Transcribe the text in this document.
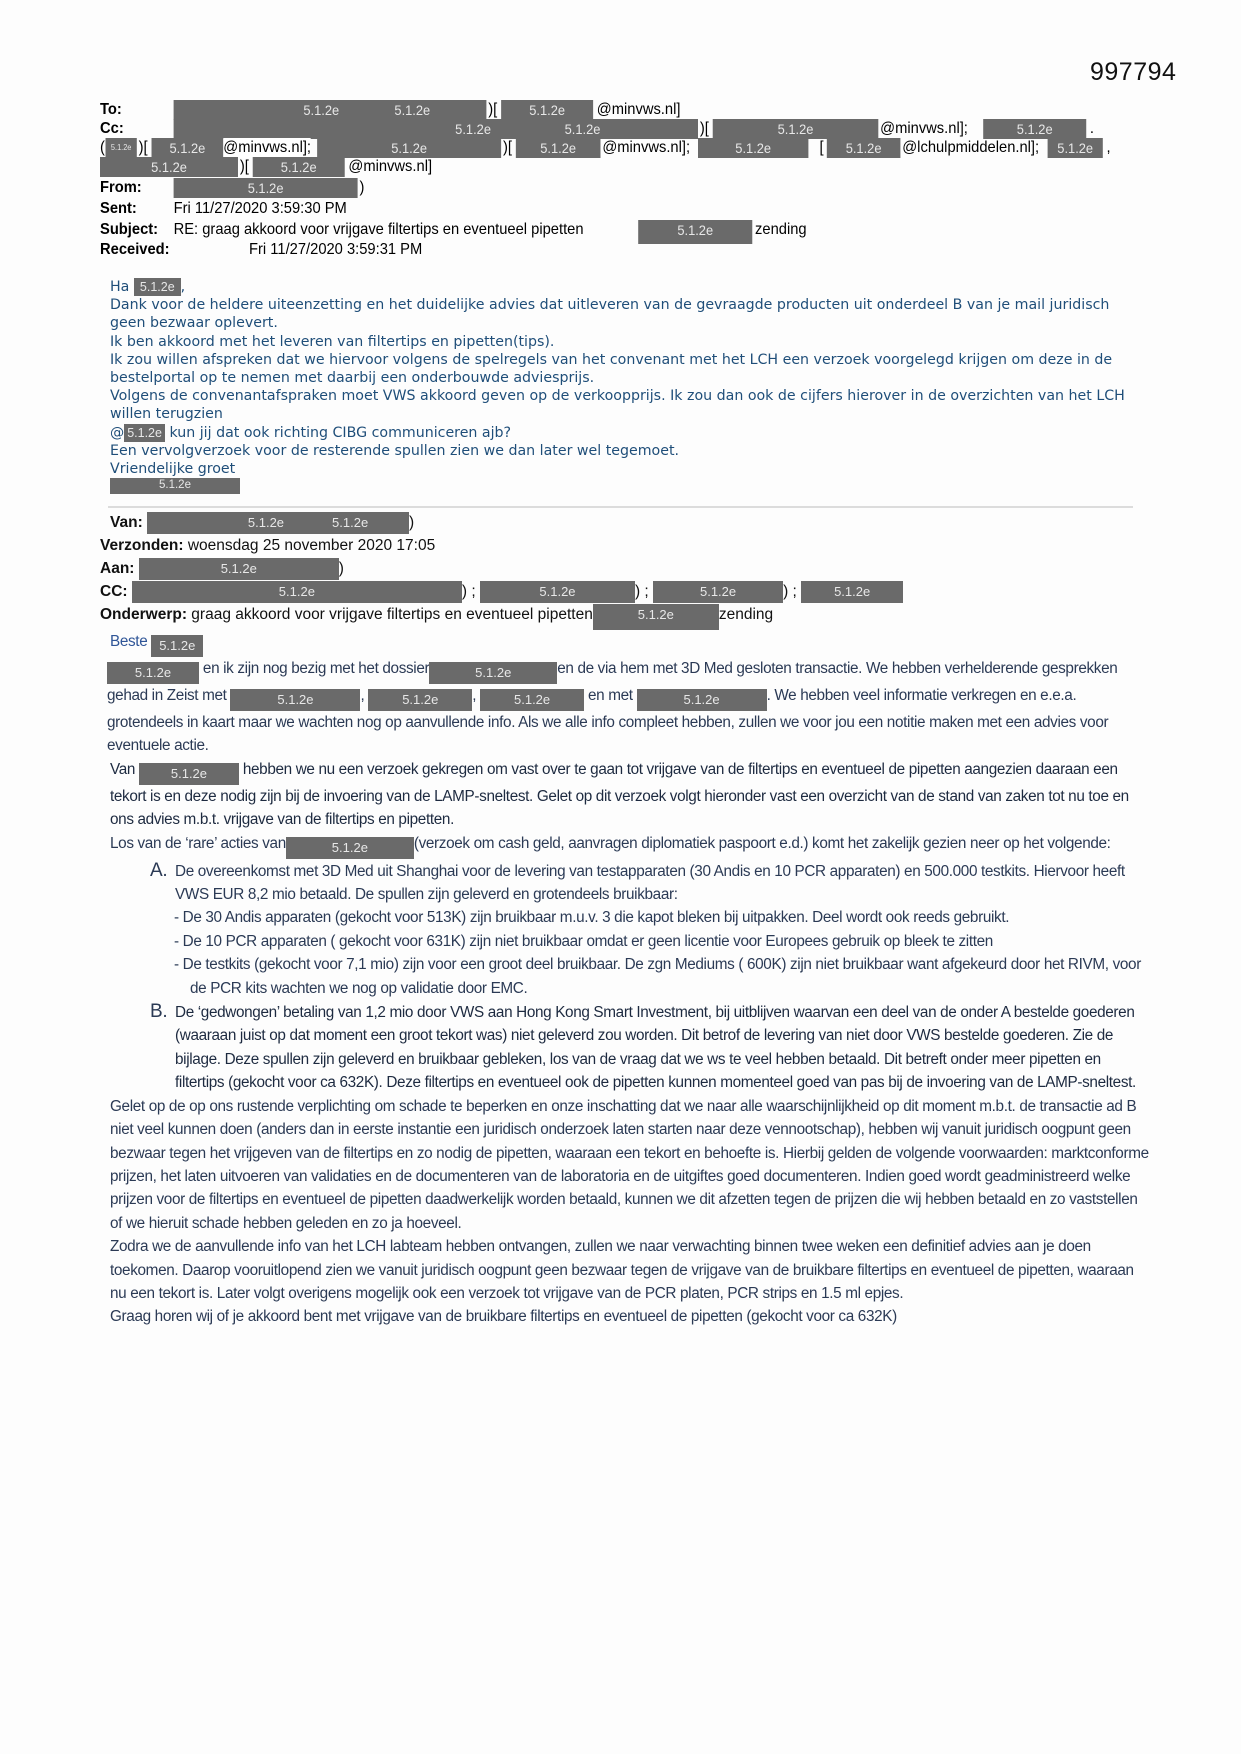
997794
To:	5.1.2e	5.1.2e	)[	5.1.2e	@minvws.nl]
Cc:	5.1.2e	5.1.2e	)[	5.1.2e	@minvws.nl];	5.1.2e	.
( 5.1.2e )[	5.1.2e	@minvws.nl];	5.1.2e	)[	5.1.2e	@minvws.nl];	5.1.2e	[	5.1.2e	@lchulpmiddelen.nl];	5.1.2e ,
5.1.2e	)[	5.1.2e	@minvws.nl]
From:	5.1.2e	)
Sent: Fri 11/27/2020 3:59:30 PM
Subject: RE: graag akkoord voor vrijgave filtertips en eventueel pipetten	5.1.2e	zending
Received:	Fri 11/27/2020 3:59:31 PM

Ha 5.1.2e ,

Dank voor de heldere uiteenzetting en het duidelijke advies dat uitleveren van de gevraagde producten uit onderdeel B van je mail juridisch geen bezwaar oplevert.

Ik ben akkoord met het leveren van filtertips en pipetten(tips).

Ik zou willen afspreken dat we hiervoor volgens de spelregels van het convenant met het LCH een verzoek voorgelegd krijgen om deze in de bestelportal op te nemen met daarbij een onderbouwde adviesprijs.

Volgens de convenantafspraken moet VWS akkoord geven op de verkoopprijs. Ik zou dan ook de cijfers hierover in de overzichten van het LCH willen terugzien

@ 5.1.2e kun jij dat ook richting CIBG communiceren ajb?

Een vervolgverzoek voor de resterende spullen zien we dan later wel tegemoet.

Vriendelijke groet

5.1.2e

Van:	5.1.2e	5.1.2e	)
Verzonden: woensdag 25 november 2020 17:05
Aan:	5.1.2e	)
CC:	5.1.2e	) ;	5.1.2e	) ;	5.1.2e	) ;	5.1.2e
Onderwerp: graag akkoord voor vrijgave filtertips en eventueel pipetten	5.1.2e	zending

Beste 5.1.2e

5.1.2e en ik zijn nog bezig met het dossier	5.1.2e	en de via hem met 3D Med gesloten transactie. We hebben verhelderende gesprekken gehad in Zeist met	5.1.2e	,	5.1.2e ,	5.1.2e en met	5.1.2e	. We hebben veel informatie verkregen en e.e.a. grotendeels in kaart maar we wachten nog op aanvullende info. Als we alle info compleet hebben, zullen we voor jou een notitie maken met een advies voor eventuele actie.

Van	5.1.2e hebben we nu een verzoek gekregen om vast over te gaan tot vrijgave van de filtertips en eventueel de pipetten aangezien daaraan een tekort is en deze nodig zijn bij de invoering van de LAMP-sneltest. Gelet op dit verzoek volgt hieronder vast een overzicht van de stand van zaken tot nu toe en ons advies m.b.t. vrijgave van de filtertips en pipetten.

Los van de ‘rare’ acties van	5.1.2e	(verzoek om cash geld, aanvragen diplomatiek paspoort e.d.) komt het zakelijk gezien neer op het volgende:

A. De overeenkomst met 3D Med uit Shanghai voor de levering van testapparaten (30 Andis en 10 PCR apparaten) en 500.000 testkits. Hiervoor heeft VWS EUR 8,2 mio betaald. De spullen zijn geleverd en grotendeels bruikbaar:
- De 30 Andis apparaten (gekocht voor 513K) zijn bruikbaar m.u.v. 3 die kapot bleken bij uitpakken. Deel wordt ook reeds gebruikt.
- De 10 PCR apparaten ( gekocht voor 631K) zijn niet bruikbaar omdat er geen licentie voor Europees gebruik op bleek te zitten
- De testkits (gekocht voor 7,1 mio) zijn voor een groot deel bruikbaar. De zgn Mediums ( 600K) zijn niet bruikbaar want afgekeurd door het RIVM, voor de PCR kits wachten we nog op validatie door EMC.
B. De ‘gedwongen’ betaling van 1,2 mio door VWS aan Hong Kong Smart Investment, bij uitblijven waarvan een deel van de onder A bestelde goederen (waaraan juist op dat moment een groot tekort was) niet geleverd zou worden. Dit betrof de levering van niet door VWS bestelde goederen. Zie de bijlage. Deze spullen zijn geleverd en bruikbaar gebleken, los van de vraag dat we ws te veel hebben betaald. Dit betreft onder meer pipetten en filtertips (gekocht voor ca 632K). Deze filtertips en eventueel ook de pipetten kunnen momenteel goed van pas bij de invoering van de LAMP-sneltest.

Gelet op de op ons rustende verplichting om schade te beperken en onze inschatting dat we naar alle waarschijnlijkheid op dit moment m.b.t. de transactie ad B niet veel kunnen doen (anders dan in eerste instantie een juridisch onderzoek laten starten naar deze vennootschap), hebben wij vanuit juridisch oogpunt geen bezwaar tegen het vrijgeven van de filtertips en zo nodig de pipetten, waaraan een tekort en behoefte is. Hierbij gelden de volgende voorwaarden: marktconforme prijzen, het laten uitvoeren van validaties en de documenteren van de laboratoria en de uitgiftes goed documenteren. Indien goed wordt geadministreerd welke prijzen voor de filtertips en eventueel de pipetten daadwerkelijk worden betaald, kunnen we dit afzetten tegen de prijzen die wij hebben betaald en zo vaststellen of we hieruit schade hebben geleden en zo ja hoeveel.

Zodra we de aanvullende info van het LCH labteam hebben ontvangen, zullen we naar verwachting binnen twee weken een definitief advies aan je doen toekomen. Daarop vooruitlopend zien we vanuit juridisch oogpunt geen bezwaar tegen de vrijgave van de bruikbare filtertips en eventueel de pipetten, waaraan nu een tekort is. Later volgt overigens mogelijk ook een verzoek tot vrijgave van de PCR platen, PCR strips en 1.5 ml epjes.

Graag horen wij of je akkoord bent met vrijgave van de bruikbare filtertips en eventueel de pipetten (gekocht voor ca 632K)
